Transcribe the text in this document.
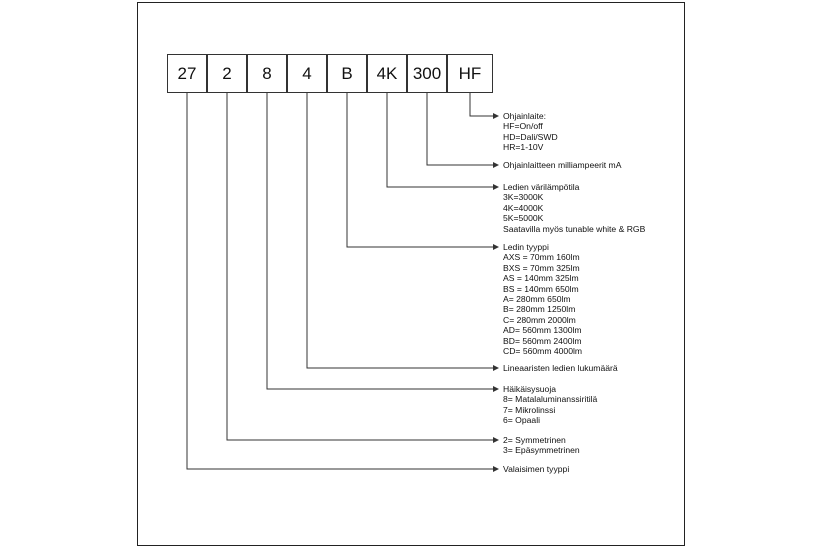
27	2	8	4	B	4K 300	HF
Ohjainlaite:
HF=On/off
HD=Dali/SWD
HR=1-10V
Ohjainlaitteen milliampeerit mA
Ledien värilämpötila
3K=3000K
4K=4000K
5K=5000K
Saatavilla myös tunable white & RGB
Ledin tyyppi
AXS = 70mm 160lm
BXS = 70mm 325lm
AS = 140mm 325lm
BS = 140mm 650lm
A= 280mm 650lm
B= 280mm 1250lm
C= 280mm 2000lm
AD= 560mm 1300lm
BD= 560mm 2400lm
CD= 560mm 4000lm
Lineaaristen ledien lukumäärä
Häikäisysuoja
8= Matalaluminanssiritilä
7= Mikrolinssi
6= Opaali
2= Symmetrinen
3= Epäsymmetrinen
Valaisimen tyyppi
